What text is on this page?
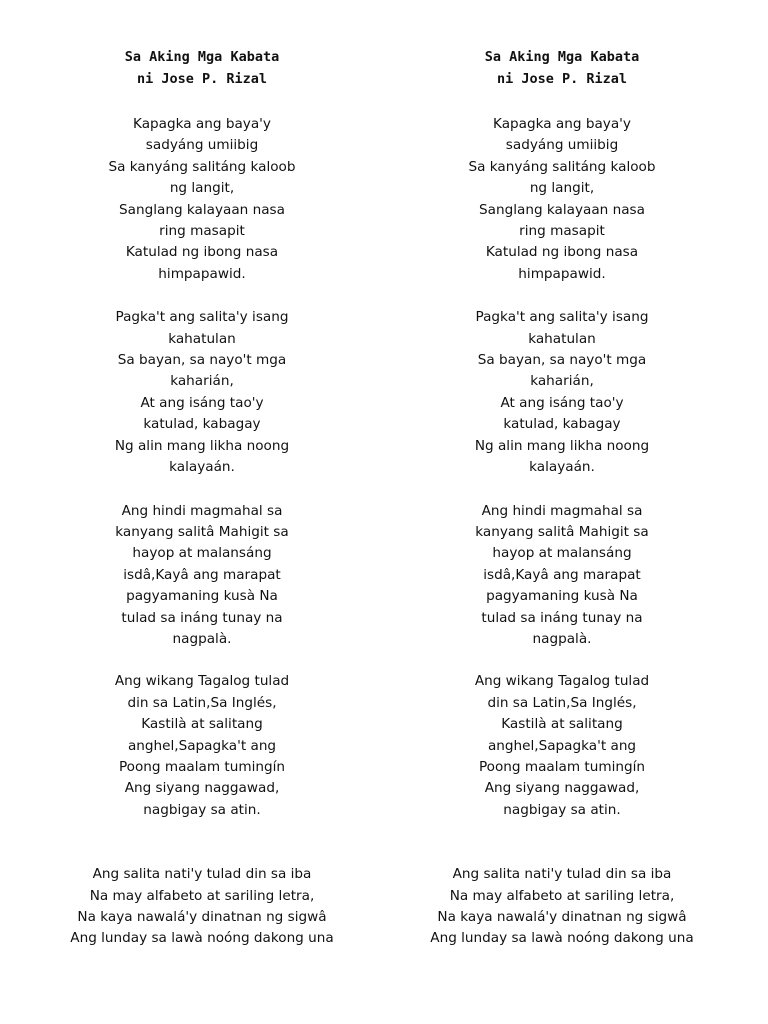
Sa Aking Mga Kabata

ni Jose P. Rizal

Kapagka ang baya'y
sadyáng umiibig
Sa kanyáng salitáng kaloob
ng langit,
Sanglang kalayaan nasa
ring masapit
Katulad ng ibong nasa
himpapawid.

Pagka't ang salita'y isang
kahatulan
Sa bayan, sa nayo't mga
kaharián,
At ang isáng tao'y
katulad, kabagay
Ng alin mang likha noong
kalayaán.

Ang hindi magmahal sa
kanyang salitâ Mahigit sa
hayop at malansáng
isdâ,Kayâ ang marapat
pagyamaning kusà Na
tulad sa ináng tunay na
nagpalà.

Ang wikang Tagalog tulad
din sa Latin,Sa Inglés,
Kastilà at salitang
anghel,Sapagka't ang
Poong maalam tumingín
Ang siyang naggawad,
nagbigay sa atin.

Ang salita nati'y tulad din sa iba
Na may alfabeto at sariling letra,
Na kaya nawalá'y dinatnan ng sigwâ
Ang lunday sa lawà noóng dakong una

Sa Aking Mga Kabata

ni Jose P. Rizal

Kapagka ang baya'y
sadyáng umiibig
Sa kanyáng salitáng kaloob
ng langit,
Sanglang kalayaan nasa
ring masapit
Katulad ng ibong nasa
himpapawid.

Pagka't ang salita'y isang
kahatulan
Sa bayan, sa nayo't mga
kaharián,
At ang isáng tao'y
katulad, kabagay
Ng alin mang likha noong
kalayaán.

Ang hindi magmahal sa
kanyang salitâ Mahigit sa
hayop at malansáng
isdâ,Kayâ ang marapat
pagyamaning kusà Na
tulad sa ináng tunay na
nagpalà.

Ang wikang Tagalog tulad
din sa Latin,Sa Inglés,
Kastilà at salitang
anghel,Sapagka't ang
Poong maalam tumingín
Ang siyang naggawad,
nagbigay sa atin.

Ang salita nati'y tulad din sa iba
Na may alfabeto at sariling letra,
Na kaya nawalá'y dinatnan ng sigwâ
Ang lunday sa lawà noóng dakong una
